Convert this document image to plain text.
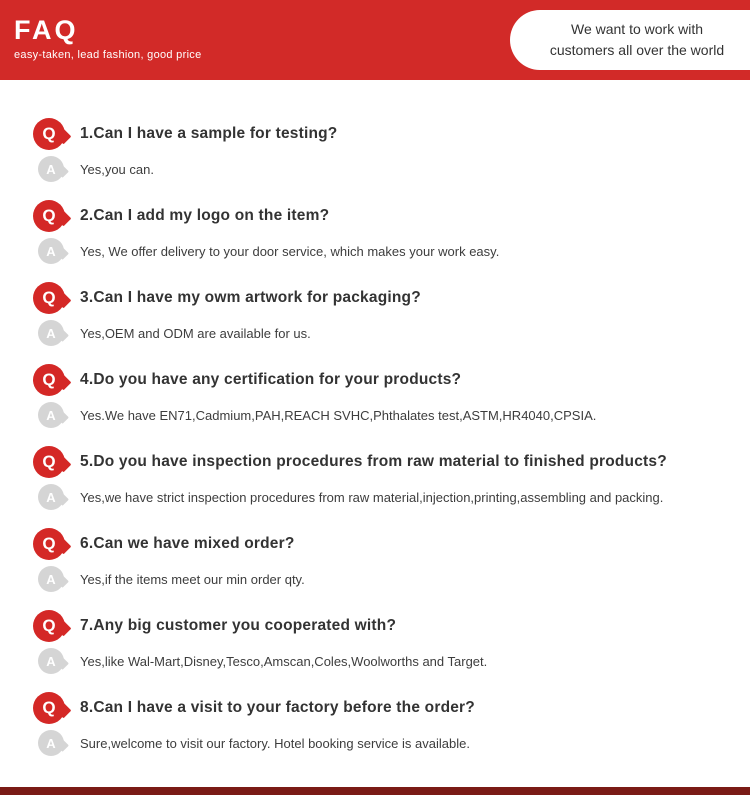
FAQ
easy-taken, lead fashion, good price
We want to work with
customers all over the world
Q 1.Can I have a sample for testing?
A Yes,you can.
Q 2.Can I add my logo on the item?
A Yes, We offer delivery to your door service, which makes your work easy.
Q 3.Can I have my owm artwork for packaging?
A Yes,OEM and ODM are available for us.
Q 4.Do you have any certification for your products?
A Yes.We have EN71,Cadmium,PAH,REACH SVHC,Phthalates test,ASTM,HR4040,CPSIA.
Q 5.Do you have inspection procedures from raw material to finished products?
A Yes,we have strict inspection procedures from raw material,injection,printing,assembling and packing.
Q 6.Can we have mixed order?
A Yes,if the items meet our min order qty.
Q 7.Any big customer you cooperated with?
A Yes,like Wal-Mart,Disney,Tesco,Amscan,Coles,Woolworths and Target.
Q 8.Can I have a visit to your factory before the order?
A Sure,welcome to visit our factory. Hotel booking service is available.
